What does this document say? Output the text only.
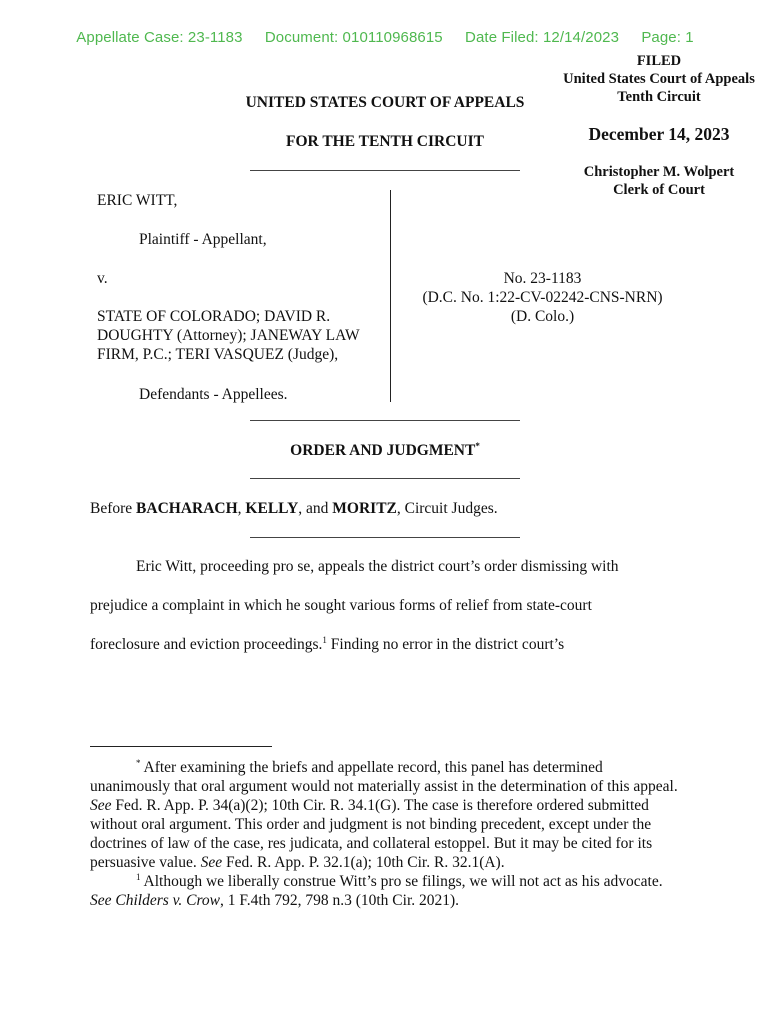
Appellate Case: 23-1183 Document: 010110968615 Date Filed: 12/14/2023 Page: 1
FILED
United States Court of Appeals
Tenth Circuit
December 14, 2023
Christopher M. Wolpert
Clerk of Court
UNITED STATES COURT OF APPEALS
FOR THE TENTH CIRCUIT
ERIC WITT,
Plaintiff - Appellant,
v.
STATE OF COLORADO; DAVID R.
DOUGHTY (Attorney); JANEWAY LAW
FIRM, P.C.; TERI VASQUEZ (Judge),
Defendants - Appellees.
No. 23-1183
(D.C. No. 1:22-CV-02242-CNS-NRN)
(D. Colo.)
ORDER AND JUDGMENT*
Before BACHARACH, KELLY, and MORITZ, Circuit Judges.
Eric Witt, proceeding pro se, appeals the district court’s order dismissing with
prejudice a complaint in which he sought various forms of relief from state-court
foreclosure and eviction proceedings.$^1$ Finding no error in the district court’s

* After examining the briefs and appellate record, this panel has determined unanimously that oral argument would not materially assist in the determination of this appeal. See Fed. R. App. P. 34(a)(2); 10th Cir. R. 34.1(G). The case is therefore ordered submitted without oral argument. This order and judgment is not binding precedent, except under the doctrines of law of the case, res judicata, and collateral estoppel. But it may be cited for its persuasive value. See Fed. R. App. P. 32.1(a); 10th Cir. R. 32.1(A).

$^1$ Although we liberally construe Witt’s pro se filings, we will not act as his advocate. See Childers v. Crow, 1 F.4th 792, 798 n.3 (10th Cir. 2021).
